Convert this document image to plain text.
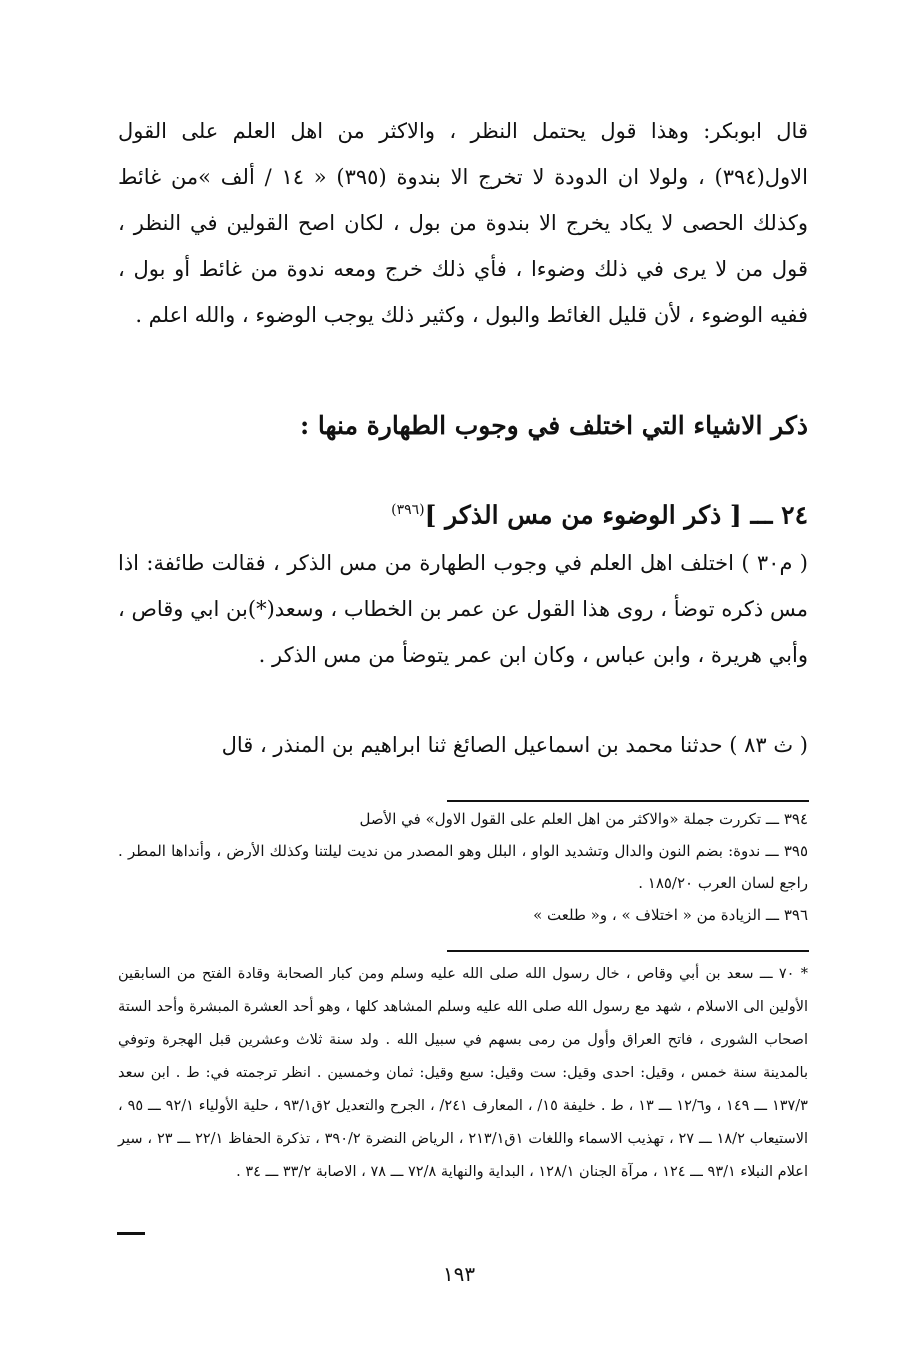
قال ابوبكر: وهذا قول يحتمل النظر ، والاكثر من اهل العلم على القول الاول(٣٩٤) ، ولولا ان الدودة لا تخرج الا بندوة (٣٩٥) « ١٤ / ألف »من غائط وكذلك الحصى لا يكاد يخرج الا بندوة من بول ، لكان اصح القولين في النظر ، قول من لا يرى في ذلك وضوءا ، فأي ذلك خرج ومعه ندوة من غائط أو بول ، ففيه الوضوء ، لأن قليل الغائط والبول ، وكثير ذلك يوجب الوضوء ، والله اعلم .

ذكر الاشياء التي اختلف في وجوب الطهارة منها :
٢٤ ـــ [ ذكر الوضوء من مس الذكر ]$^{(٣٩٦)}$

( م٣٠ ) اختلف اهل العلم في وجوب الطهارة من مس الذكر ، فقالت طائفة: اذا مس ذكره توضأ ، روى هذا القول عن عمر بن الخطاب ، وسعد(*)بن ابي وقاص ، وأبي هريرة ، وابن عباس ، وكان ابن عمر يتوضأ من مس الذكر .

( ث ٨٣ ) حدثنا محمد بن اسماعيل الصائغ ثنا ابراهيم بن المنذر ، قال

٣٩٤ ـــ تكررت جملة «والاكثر من اهل العلم على القول الاول» في الأصل

٣٩٥ ـــ ندوة: بضم النون والدال وتشديد الواو ، البلل وهو المصدر من نديت ليلتنا وكذلك الأرض ، وأنداها المطر . راجع لسان العرب ١٨٥/٢٠ .

٣٩٦ ـــ الزيادة من « اختلاف » ، و« طلعت »

* ٧٠ ـــ سعد بن أبي وقاص ، خال رسول الله صلى الله عليه وسلم ومن كبار الصحابة وقادة الفتح من السابقين الأولين الى الاسلام ، شهد مع رسول الله صلى الله عليه وسلم المشاهد كلها ، وهو أحد العشرة المبشرة وأحد الستة اصحاب الشورى ، فاتح العراق وأول من رمى بسهم في سبيل الله . ولد سنة ثلاث وعشرين قبل الهجرة وتوفي بالمدينة سنة خمس ، وقيل: احدى وقيل: ست وقيل: سبع وقيل: ثمان وخمسين . انظر ترجمته في: ط . ابن سعد ١٣٧/٣ ـــ ١٤٩ ، و١٢/٦ ـــ ١٣ ، ط . خليفة ١٥/ ، المعارف ٢٤١/ ، الجرح والتعديل ٢ق٩٣/١ ، حلية الأولياء ٩٢/١ ـــ ٩٥ ، الاستيعاب ١٨/٢ ـــ ٢٧ ، تهذيب الاسماء واللغات ١ق٢١٣/١ ، الرياض النضرة ٣٩٠/٢ ، تذكرة الحفاظ ٢٢/١ ـــ ٢٣ ، سير اعلام النبلاء ٩٣/١ ـــ ١٢٤ ، مرآة الجنان ١٢٨/١ ، البداية والنهاية ٧٢/٨ ـــ ٧٨ ، الاصابة ٣٣/٢ ـــ ٣٤ .

١٩٣
